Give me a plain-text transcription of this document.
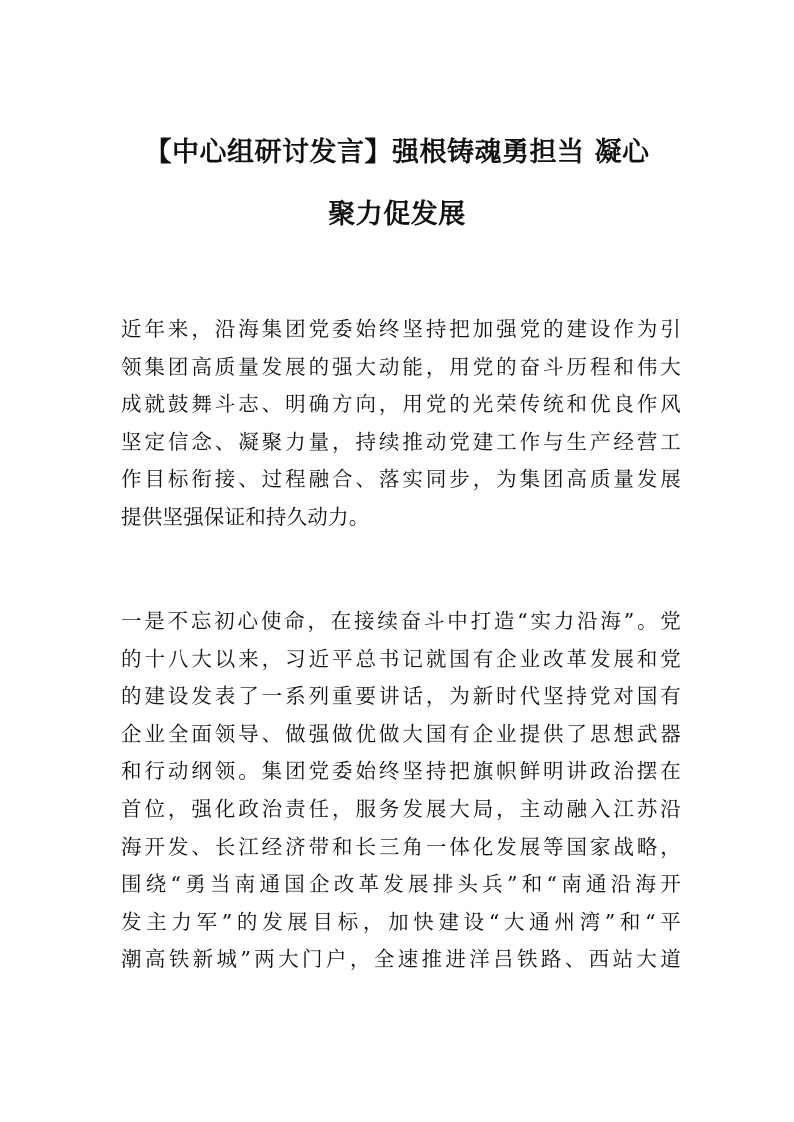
【中心组研讨发言】强根铸魂勇担当 凝心
聚力促发展
近年来，沿海集团党委始终坚持把加强党的建设作为引
领集团高质量发展的强大动能，用党的奋斗历程和伟大
成就鼓舞斗志、明确方向，用党的光荣传统和优良作风
坚定信念、凝聚力量，持续推动党建工作与生产经营工
作目标衔接、过程融合、落实同步，为集团高质量发展
提供坚强保证和持久动力。
一是不忘初心使命，在接续奋斗中打造“实力沿海”。党
的十八大以来，习近平总书记就国有企业改革发展和党
的建设发表了一系列重要讲话，为新时代坚持党对国有
企业全面领导、做强做优做大国有企业提供了思想武器
和行动纲领。集团党委始终坚持把旗帜鲜明讲政治摆在
首位，强化政治责任，服务发展大局，主动融入江苏沿
海开发、长江经济带和长三角一体化发展等国家战略，
围绕“勇当南通国企改革发展排头兵”和“南通沿海开
发主力军”的发展目标，加快建设“大通州湾”和“平
潮高铁新城”两大门户，全速推进洋吕铁路、西站大道
